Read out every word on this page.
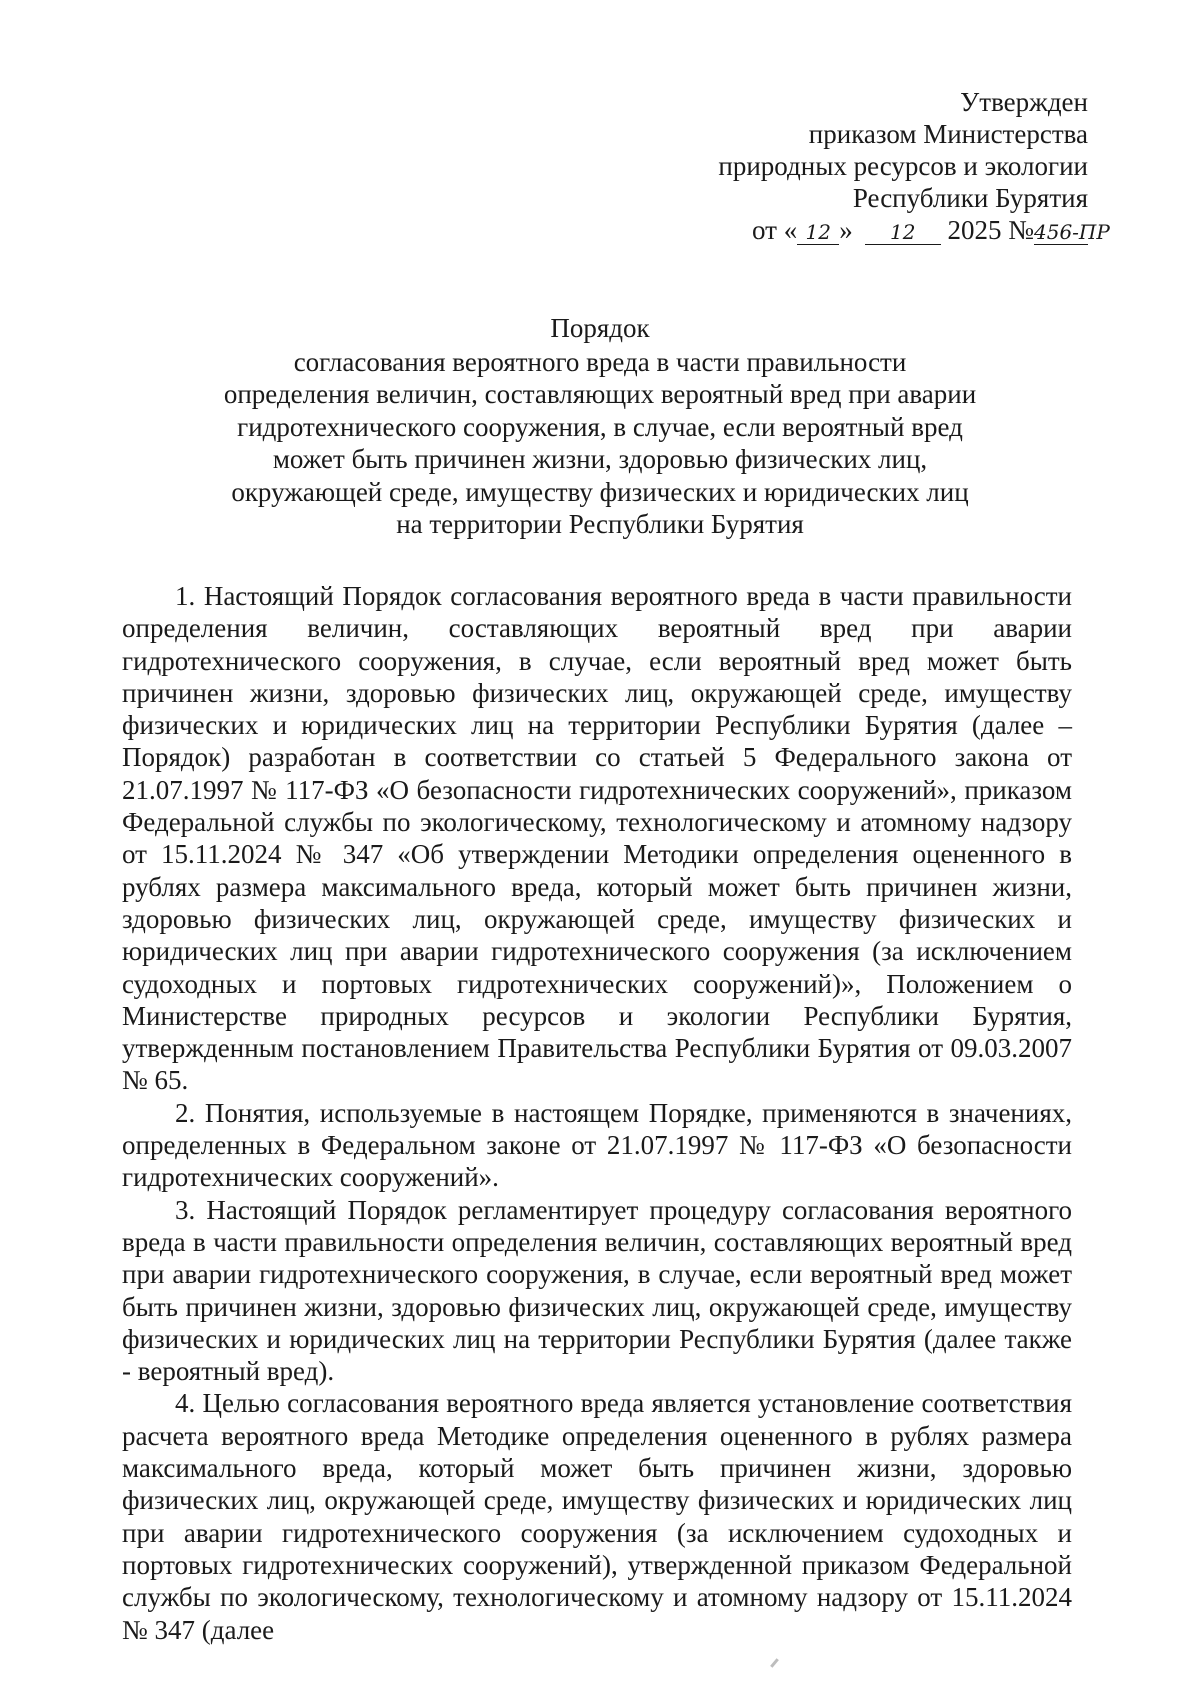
Утвержден
приказом Министерства
природных ресурсов и экологии
Республики Бурятия
от « 12 » 12 2025 №456-ПР
Порядок
согласования вероятного вреда в части правильности
определения величин, составляющих вероятный вред при аварии
гидротехнического сооружения, в случае, если вероятный вред
может быть причинен жизни, здоровью физических лиц,
окружающей среде, имуществу физических и юридических лиц
на территории Республики Бурятия

1. Настоящий Порядок согласования вероятного вреда в части правильности определения величин, составляющих вероятный вред при аварии гидротехнического сооружения, в случае, если вероятный вред может быть причинен жизни, здоровью физических лиц, окружающей среде, имуществу физических и юридических лиц на территории Республики Бурятия (далее – Порядок) разработан в соответствии со статьей 5 Федерального закона от 21.07.1997 № 117-ФЗ «О безопасности гидротехнических сооружений», приказом Федеральной службы по экологическому, технологическому и атомному надзору от 15.11.2024 № 347 «Об утверждении Методики определения оцененного в рублях размера максимального вреда, который может быть причинен жизни, здоровью физических лиц, окружающей среде, имуществу физических и юридических лиц при аварии гидротехнического сооружения (за исключением судоходных и портовых гидротехнических сооружений)», Положением о Министерстве природных ресурсов и экологии Республики Бурятия, утвержденным постановлением Правительства Республики Бурятия от 09.03.2007 № 65.

2. Понятия, используемые в настоящем Порядке, применяются в значениях, определенных в Федеральном законе от 21.07.1997 № 117-ФЗ «О безопасности гидротехнических сооружений».

3. Настоящий Порядок регламентирует процедуру согласования вероятного вреда в части правильности определения величин, составляющих вероятный вред при аварии гидротехнического сооружения, в случае, если вероятный вред может быть причинен жизни, здоровью физических лиц, окружающей среде, имуществу физических и юридических лиц на территории Республики Бурятия (далее также - вероятный вред).

4. Целью согласования вероятного вреда является установление соответствия расчета вероятного вреда Методике определения оцененного в рублях размера максимального вреда, который может быть причинен жизни, здоровью физических лиц, окружающей среде, имуществу физических и юридических лиц при аварии гидротехнического сооружения (за исключением судоходных и портовых гидротехнических сооружений), утвержденной приказом Федеральной службы по экологическому, технологическому и атомному надзору от 15.11.2024 № 347 (далее
